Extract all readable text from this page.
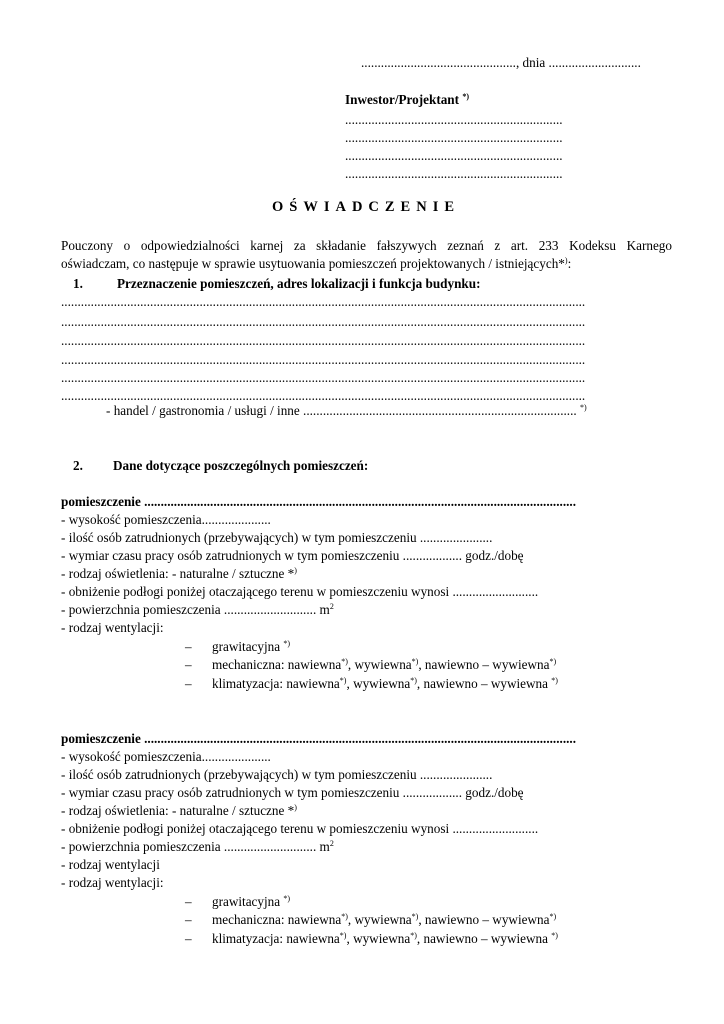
..............................................., dnia ............................
Inwestor/Projektant *)
..................................................................
..................................................................
..................................................................
..................................................................
OŚWIADCZENIE
Pouczony o odpowiedzialności karnej za składanie fałszywych zeznań z art. 233 Kodeksu Karnego
oświadczam, co następuje w sprawie usytuowania pomieszczeń projektowanych / istniejących*):
1.	Przeznaczenie pomieszczeń, adres lokalizacji i funkcja budynku:
...............................................................................................................................................................
...............................................................................................................................................................
...............................................................................................................................................................
...............................................................................................................................................................
...............................................................................................................................................................
...............................................................................................................................................................
- handel / gastronomia / usługi / inne ................................................................................... *)
2. Dane dotyczące poszczególnych pomieszczeń:
pomieszczenie ...................................................................................................................................
- wysokość pomieszczenia.....................
- ilość osób zatrudnionych (przebywających) w tym pomieszczeniu ......................
- wymiar czasu pracy osób zatrudnionych w tym pomieszczeniu .................. godz./dobę
- rodzaj oświetlenia: - naturalne / sztuczne *)
- obniżenie podłogi poniżej otaczającego terenu w pomieszczeniu wynosi ..........................
- powierzchnia pomieszczenia ............................ $m^2$
- rodzaj wentylacji:
– grawitacyjna *)
– mechaniczna: nawiewna*), wywiewna*), nawiewno – wywiewna*)
– klimatyzacja: nawiewna*), wywiewna*), nawiewno – wywiewna *)
pomieszczenie ...................................................................................................................................
- wysokość pomieszczenia.....................
- ilość osób zatrudnionych (przebywających) w tym pomieszczeniu ......................
- wymiar czasu pracy osób zatrudnionych w tym pomieszczeniu .................. godz./dobę
- rodzaj oświetlenia: - naturalne / sztuczne *)
- obniżenie podłogi poniżej otaczającego terenu w pomieszczeniu wynosi ..........................
- powierzchnia pomieszczenia ............................ $m^2$
- rodzaj wentylacji
- rodzaj wentylacji:
– grawitacyjna *)
– mechaniczna: nawiewna*), wywiewna*), nawiewno – wywiewna*)
– klimatyzacja: nawiewna*), wywiewna*), nawiewno – wywiewna *)
